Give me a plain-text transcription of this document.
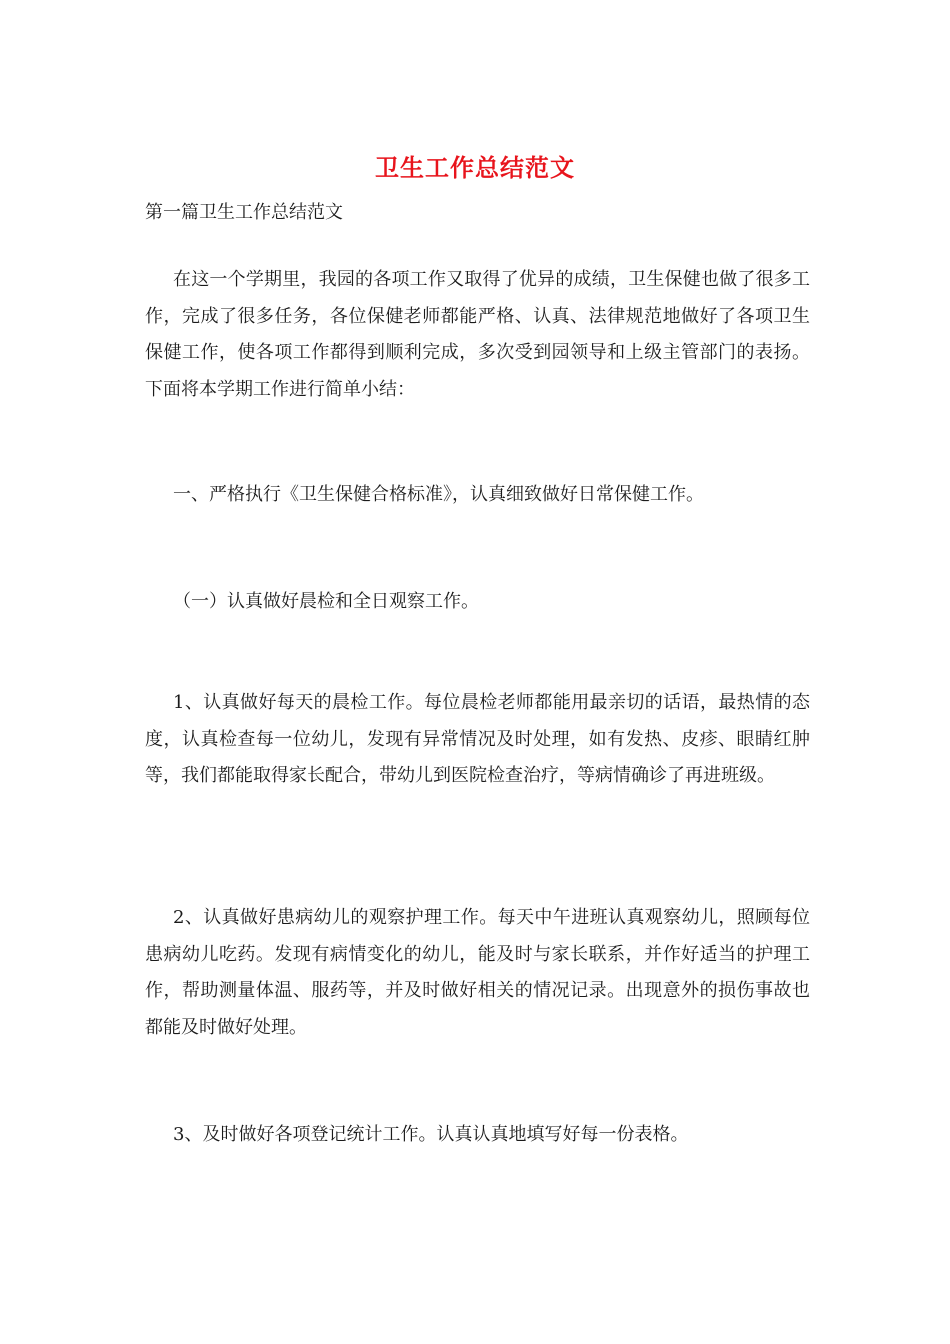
卫生工作总结范文
第一篇卫生工作总结范文

在这一个学期里，我园的各项工作又取得了优异的成绩，卫生保健也做了很多工作，完成了很多任务，各位保健老师都能严格、认真、法律规范地做好了各项卫生保健工作，使各项工作都得到顺利完成，多次受到园领导和上级主管部门的表扬。下面将本学期工作进行简单小结：

一、严格执行《卫生保健合格标准》，认真细致做好日常保健工作。

（一）认真做好晨检和全日观察工作。

1、认真做好每天的晨检工作。每位晨检老师都能用最亲切的话语，最热情的态度，认真检查每一位幼儿，发现有异常情况及时处理，如有发热、皮疹、眼睛红肿等，我们都能取得家长配合，带幼儿到医院检查治疗，等病情确诊了再进班级。

2、认真做好患病幼儿的观察护理工作。每天中午进班认真观察幼儿，照顾每位患病幼儿吃药。发现有病情变化的幼儿，能及时与家长联系，并作好适当的护理工作，帮助测量体温、服药等，并及时做好相关的情况记录。出现意外的损伤事故也都能及时做好处理。

3、及时做好各项登记统计工作。认真认真地填写好每一份表格。
